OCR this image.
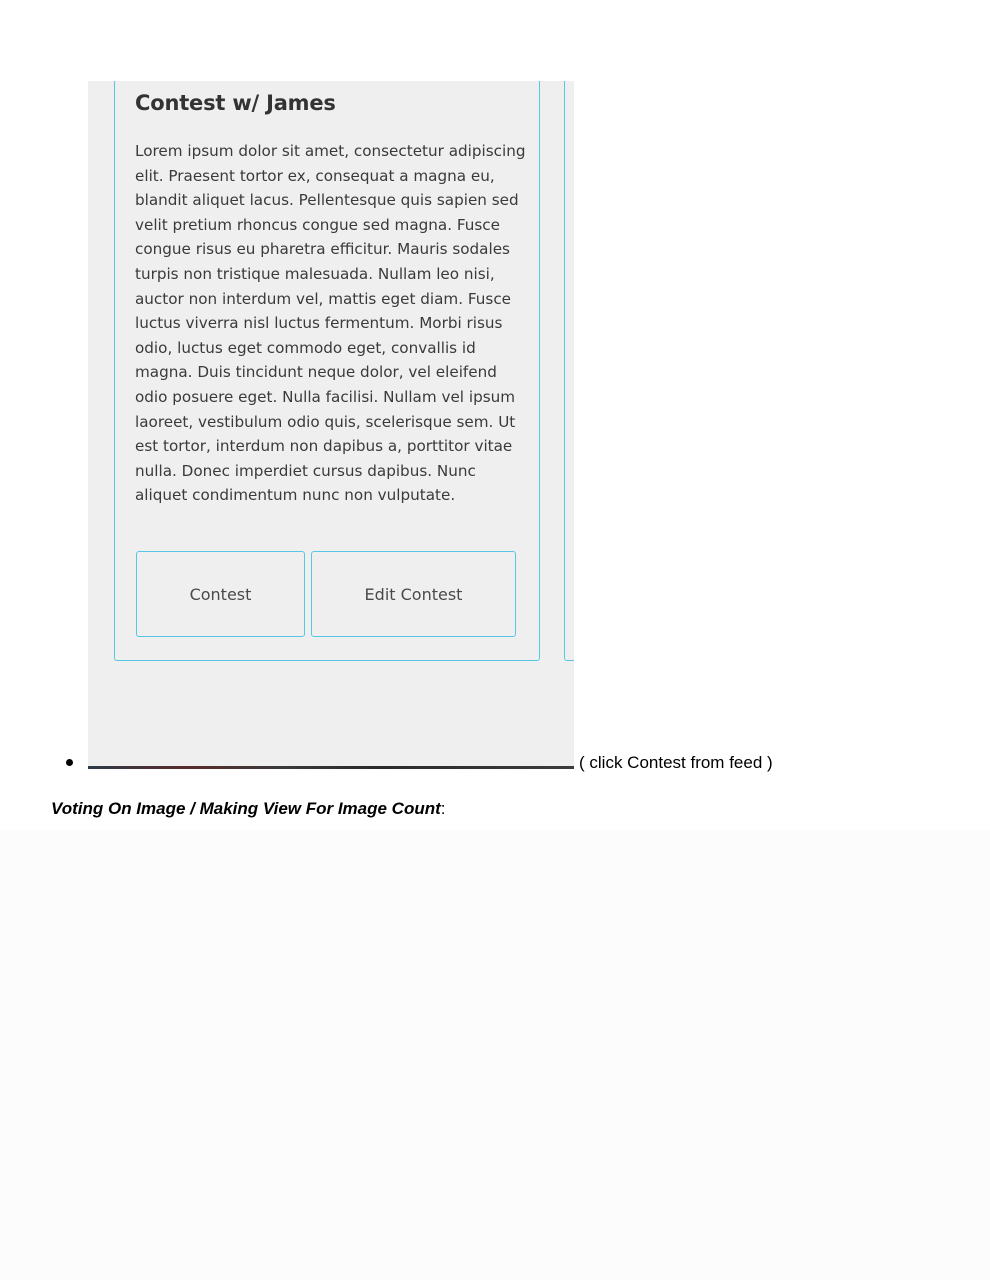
Contest w/ James

Lorem ipsum dolor sit amet, consectetur adipiscing elit. Praesent tortor ex, consequat a magna eu, blandit aliquet lacus. Pellentesque quis sapien sed velit pretium rhoncus congue sed magna. Fusce congue risus eu pharetra efficitur. Mauris sodales turpis non tristique malesuada. Nullam leo nisi, auctor non interdum vel, mattis eget diam. Fusce luctus viverra nisl luctus fermentum. Morbi risus odio, luctus eget commodo eget, convallis id magna. Duis tincidunt neque dolor, vel eleifend odio posuere eget. Nulla facilisi. Nullam vel ipsum laoreet, vestibulum odio quis, scelerisque sem. Ut est tortor, interdum non dapibus a, porttitor vitae nulla. Donec imperdiet cursus dapibus. Nunc aliquet condimentum nunc non vulputate.

Contest	Edit Contest
( click Contest from feed )
Voting On Image / Making View For Image Count:
